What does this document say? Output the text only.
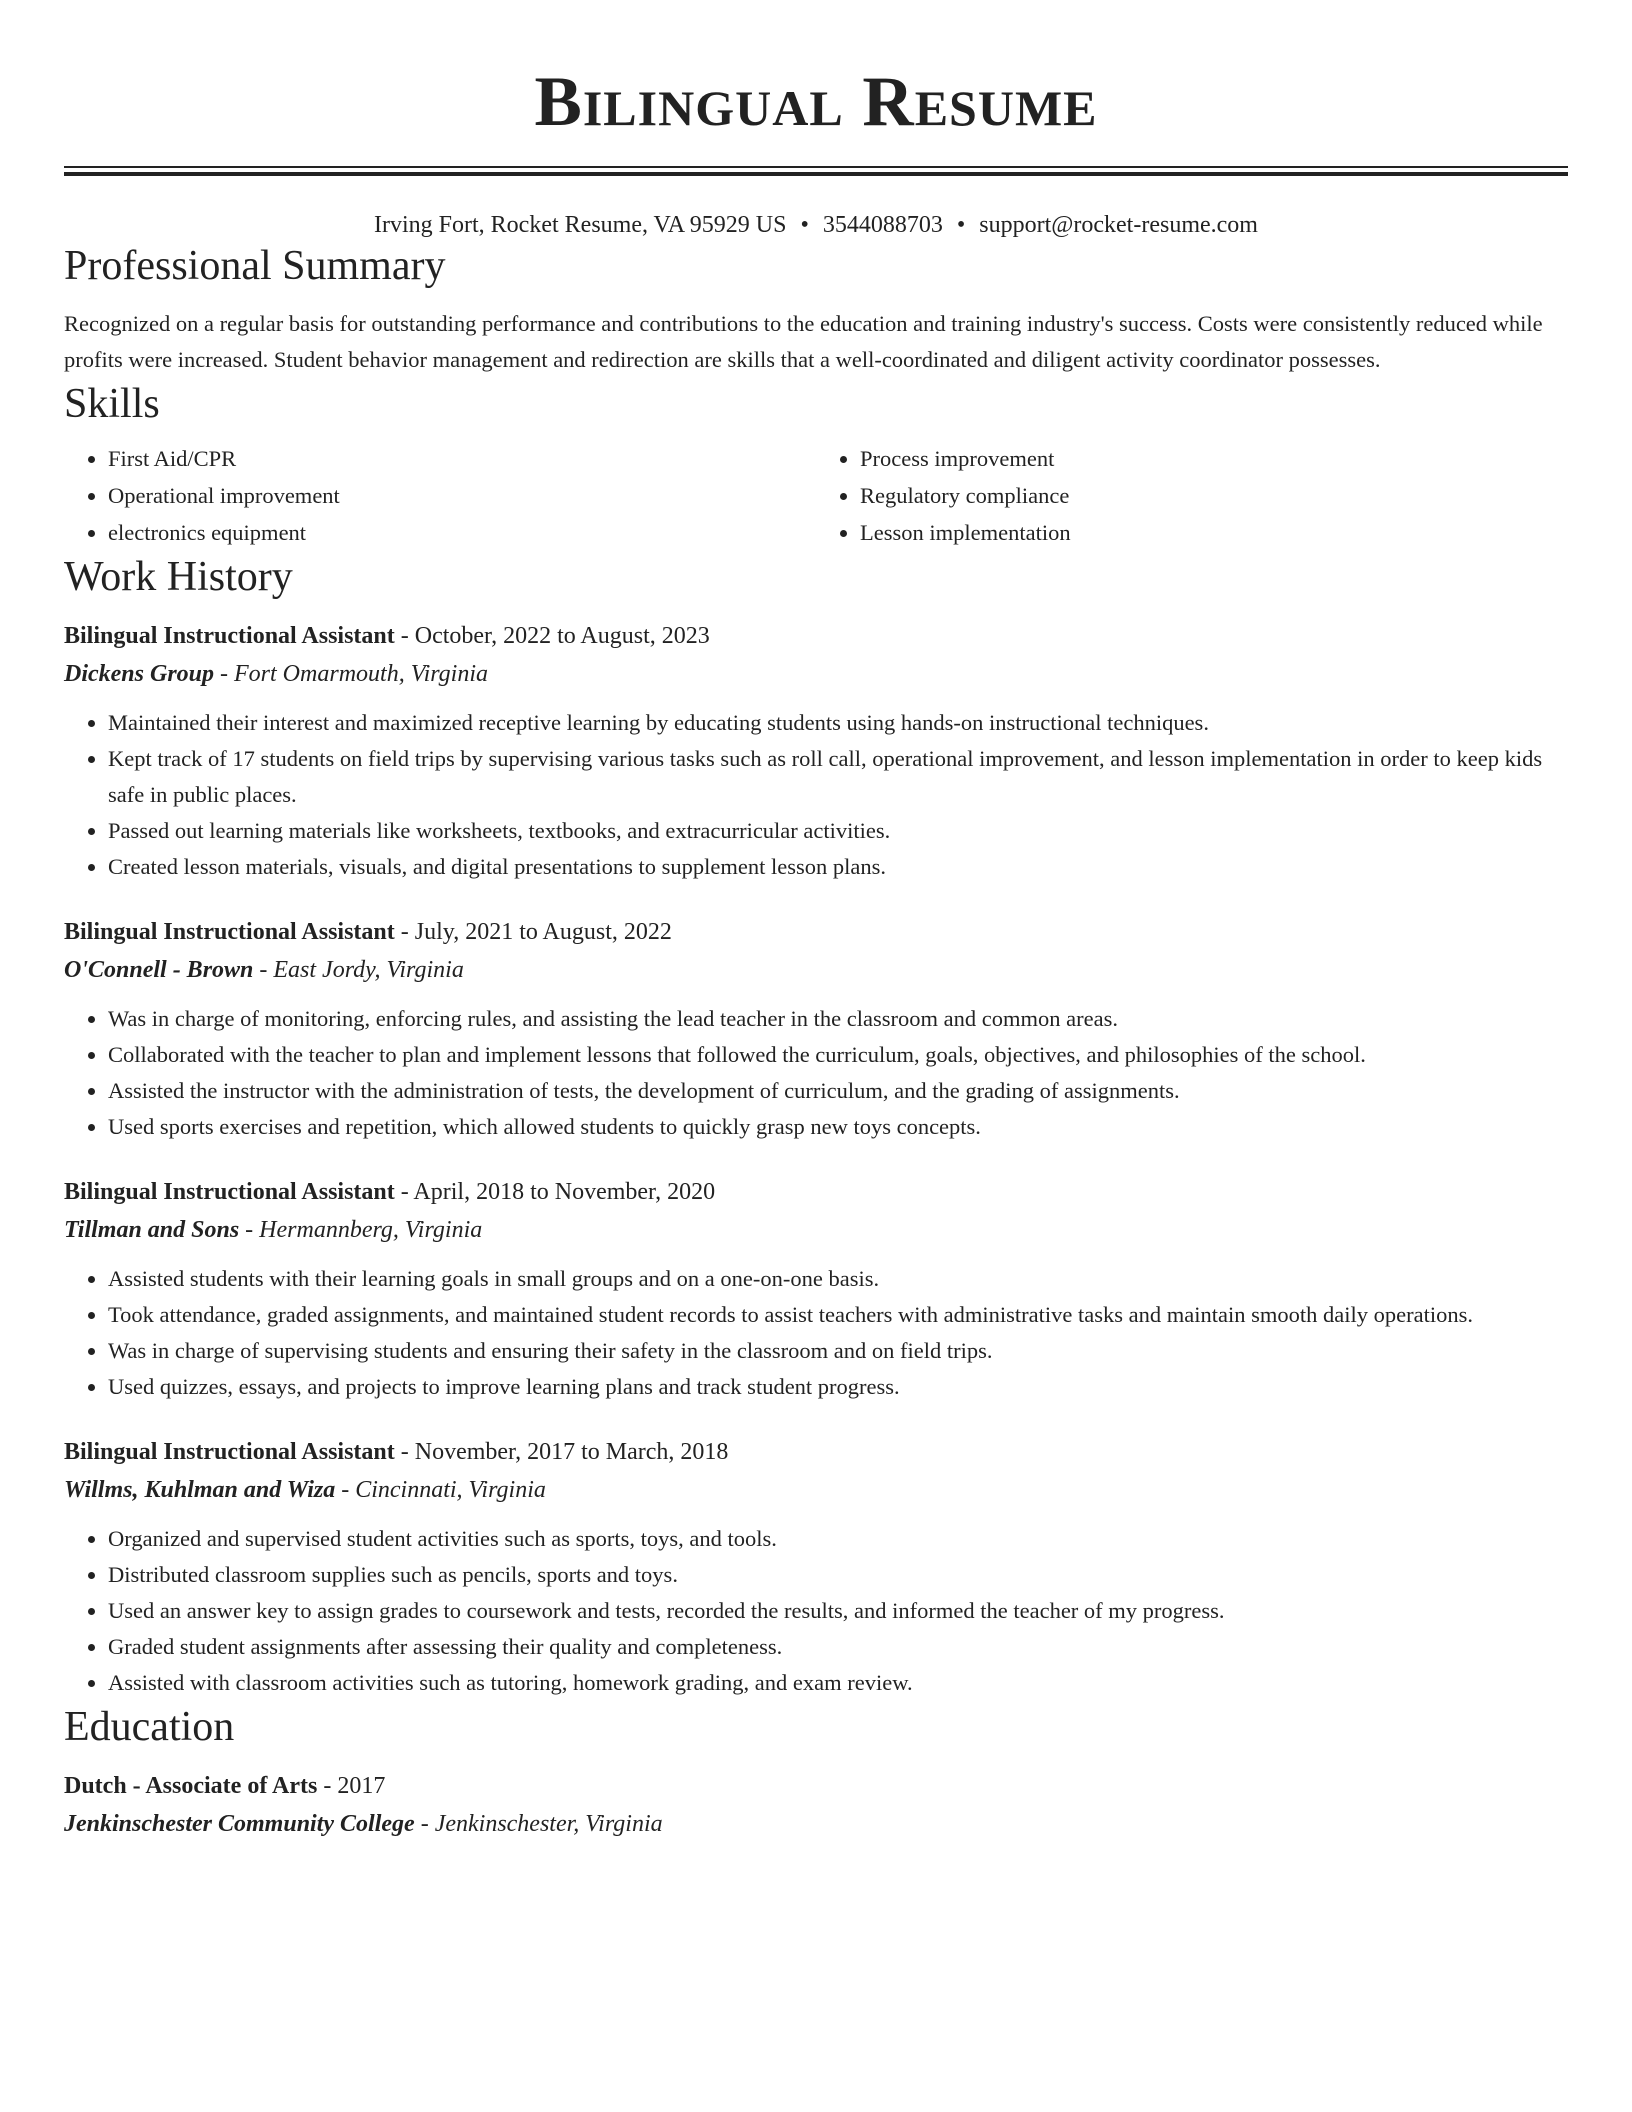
Bilingual Resume
Irving Fort, Rocket Resume, VA 95929 US • 3544088703 • support@rocket-resume.com
Professional Summary

Recognized on a regular basis for outstanding performance and contributions to the education and training industry's success. Costs were consistently reduced while profits were increased. Student behavior management and redirection are skills that a well-coordinated and diligent activity coordinator possesses.

Skills
• First Aid/CPR
• Operational improvement
• electronics equipment
• Process improvement
• Regulatory compliance
• Lesson implementation
Work History
Bilingual Instructional Assistant - October, 2022 to August, 2023
Dickens Group - Fort Omarmouth, Virginia
• Maintained their interest and maximized receptive learning by educating students using hands-on instructional techniques.
• Kept track of 17 students on field trips by supervising various tasks such as roll call, operational improvement, and lesson implementation in order to keep kids safe in public places.
• Passed out learning materials like worksheets, textbooks, and extracurricular activities.
• Created lesson materials, visuals, and digital presentations to supplement lesson plans.
Bilingual Instructional Assistant - July, 2021 to August, 2022
O'Connell - Brown - East Jordy, Virginia
• Was in charge of monitoring, enforcing rules, and assisting the lead teacher in the classroom and common areas.
• Collaborated with the teacher to plan and implement lessons that followed the curriculum, goals, objectives, and philosophies of the school.
• Assisted the instructor with the administration of tests, the development of curriculum, and the grading of assignments.
• Used sports exercises and repetition, which allowed students to quickly grasp new toys concepts.
Bilingual Instructional Assistant - April, 2018 to November, 2020
Tillman and Sons - Hermannberg, Virginia
• Assisted students with their learning goals in small groups and on a one-on-one basis.
• Took attendance, graded assignments, and maintained student records to assist teachers with administrative tasks and maintain smooth daily operations.
• Was in charge of supervising students and ensuring their safety in the classroom and on field trips.
• Used quizzes, essays, and projects to improve learning plans and track student progress.
Bilingual Instructional Assistant - November, 2017 to March, 2018
Willms, Kuhlman and Wiza - Cincinnati, Virginia
• Organized and supervised student activities such as sports, toys, and tools.
• Distributed classroom supplies such as pencils, sports and toys.
• Used an answer key to assign grades to coursework and tests, recorded the results, and informed the teacher of my progress.
• Graded student assignments after assessing their quality and completeness.
• Assisted with classroom activities such as tutoring, homework grading, and exam review.
Education
Dutch - Associate of Arts - 2017
Jenkinschester Community College - Jenkinschester, Virginia
